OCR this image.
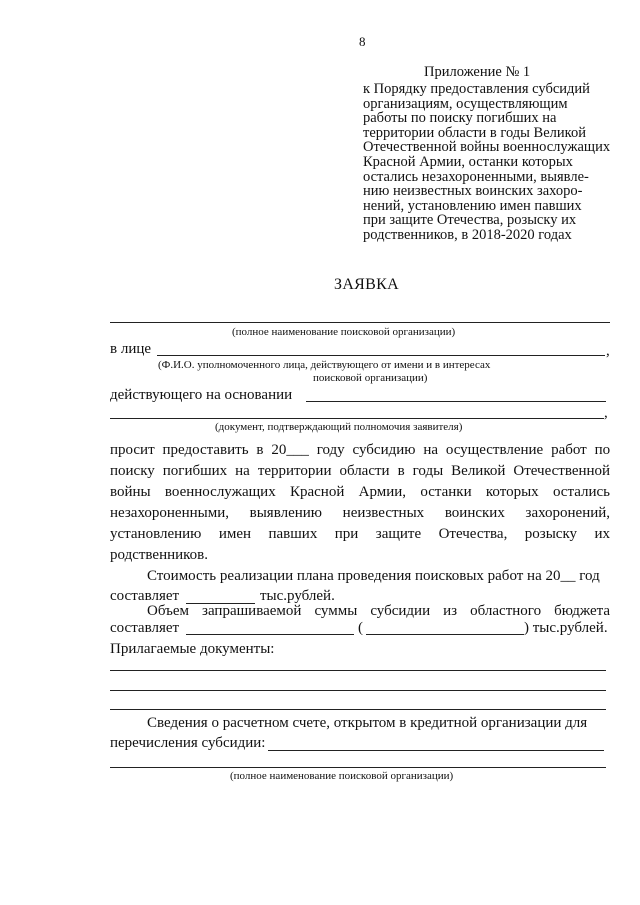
8
Приложение № 1
к Порядку предоставления субсидий
организациям, осуществляющим
работы по поиску погибших на
территории области в годы Великой
Отечественной войны военнослужащих
Красной Армии, останки которых
остались незахороненными, выявле-
нию неизвестных воинских захоро-
нений, установлению имен павших
при защите Отечества, розыску их
родственников, в 2018-2020 годах
ЗАЯВКА
(полное наименование поисковой организации)
в лице	,
(Ф.И.О. уполномоченного лица, действующего от имени и в интересах
поисковой организации)
действующего на основании
,
(документ, подтверждающий полномочия заявителя)
просит предоставить в 20___ году субсидию на осуществление работ по
поиску погибших на территории области в годы Великой Отечественной
войны военнослужащих Красной Армии, останки которых остались
незахороненными, выявлению неизвестных воинских захоронений,
установлению имен павших при защите Отечества, розыску их
родственников.
Стоимость реализации плана проведения поисковых работ на 20__ год
составляет	тыс.рублей.
Объем запрашиваемой суммы субсидии из областного бюджета
составляет	(	) тыс.рублей.
Прилагаемые документы:
Сведения о расчетном счете, открытом в кредитной организации для
перечисления субсидии:
(полное наименование поисковой организации)
